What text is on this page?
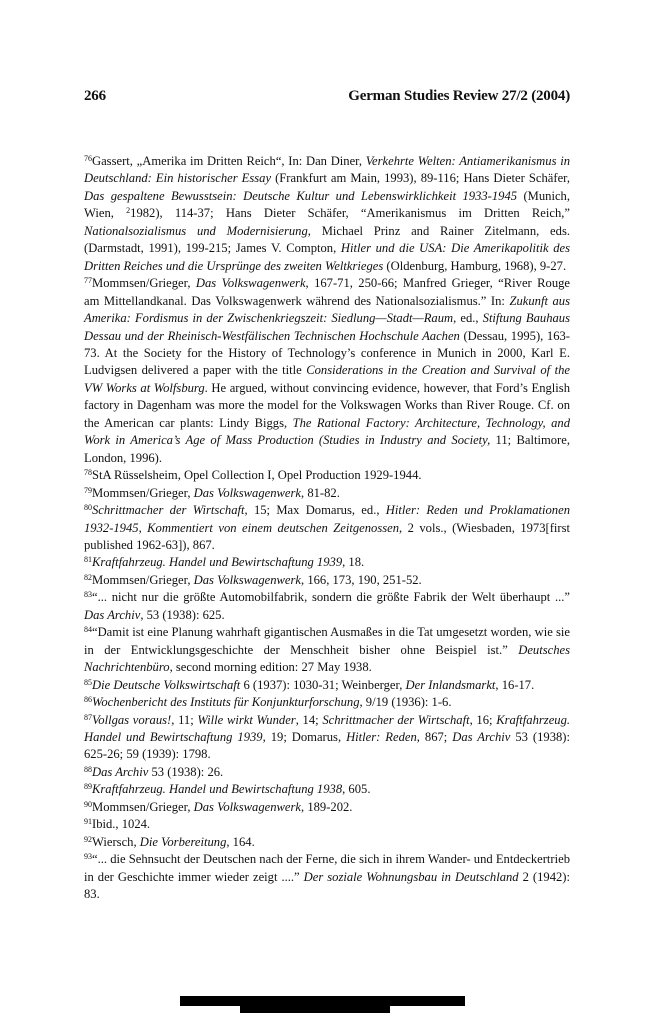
266	German Studies Review 27/2 (2004)

$^{76}$Gassert, „Amerika im Dritten Reich“, In: Dan Diner, Verkehrte Welten: Antiamerikanismus in Deutschland: Ein historischer Essay (Frankfurt am Main, 1993), 89-116; Hans Dieter Schäfer, Das gespaltene Bewusstsein: Deutsche Kultur und Lebenswirklichkeit 1933-1945 (Munich, Wien, $^2$1982), 114-37; Hans Dieter Schäfer, “Amerikanismus im Dritten Reich,” Nationalsozialismus und Modernisierung, Michael Prinz and Rainer Zitelmann, eds. (Darmstadt, 1991), 199-215; James V. Compton, Hitler und die USA: Die Amerikapolitik des Dritten Reiches und die Ursprünge des zweiten Weltkrieges (Oldenburg, Hamburg, 1968), 9-27.

$^{77}$Mommsen/Grieger, Das Volkswagenwerk, 167-71, 250-66; Manfred Grieger, “River Rouge am Mittellandkanal. Das Volkswagenwerk während des Nationalsozialismus.” In: Zukunft aus Amerika: Fordismus in der Zwischenkriegszeit: Siedlung—Stadt—Raum, ed., Stiftung Bauhaus Dessau und der Rheinisch-Westfälischen Technischen Hochschule Aachen (Dessau, 1995), 163-73. At the Society for the History of Technology’s conference in Munich in 2000, Karl E. Ludvigsen delivered a paper with the title Considerations in the Creation and Survival of the VW Works at Wolfsburg. He argued, without convincing evidence, however, that Ford’s English factory in Dagenham was more the model for the Volkswagen Works than River Rouge. Cf. on the American car plants: Lindy Biggs, The Rational Factory: Architecture, Technology, and Work in America’s Age of Mass Production (Studies in Industry and Society, 11; Baltimore, London, 1996).

$^{78}$StA Rüsselsheim, Opel Collection I, Opel Production 1929-1944.

$^{79}$Mommsen/Grieger, Das Volkswagenwerk, 81-82.

$^{80}$Schrittmacher der Wirtschaft, 15; Max Domarus, ed., Hitler: Reden und Proklamationen 1932-1945, Kommentiert von einem deutschen Zeitgenossen, 2 vols., (Wiesbaden, 1973[first published 1962-63]), 867.

$^{81}$Kraftfahrzeug. Handel und Bewirtschaftung 1939, 18.

$^{82}$Mommsen/Grieger, Das Volkswagenwerk, 166, 173, 190, 251-52.

$^{83}$“... nicht nur die größte Automobilfabrik, sondern die größte Fabrik der Welt überhaupt ...” Das Archiv, 53 (1938): 625.

$^{84}$“Damit ist eine Planung wahrhaft gigantischen Ausmaßes in die Tat umgesetzt worden, wie sie in der Entwicklungsgeschichte der Menschheit bisher ohne Beispiel ist.” Deutsches Nachrichtenbüro, second morning edition: 27 May 1938.

$^{85}$Die Deutsche Volkswirtschaft 6 (1937): 1030-31; Weinberger, Der Inlandsmarkt, 16-17.

$^{86}$Wochenbericht des Instituts für Konjunkturforschung, 9/19 (1936): 1-6.

$^{87}$Vollgas voraus!, 11; Wille wirkt Wunder, 14; Schrittmacher der Wirtschaft, 16; Kraftfahrzeug. Handel und Bewirtschaftung 1939, 19; Domarus, Hitler: Reden, 867; Das Archiv 53 (1938): 625-26; 59 (1939): 1798.

$^{88}$Das Archiv 53 (1938): 26.

$^{89}$Kraftfahrzeug. Handel und Bewirtschaftung 1938, 605.

$^{90}$Mommsen/Grieger, Das Volkswagenwerk, 189-202.

$^{91}$Ibid., 1024.

$^{92}$Wiersch, Die Vorbereitung, 164.

$^{93}$“... die Sehnsucht der Deutschen nach der Ferne, die sich in ihrem Wander- und Entdeckertrieb in der Geschichte immer wieder zeigt ....” Der soziale Wohnungsbau in Deutschland 2 (1942): 83.
